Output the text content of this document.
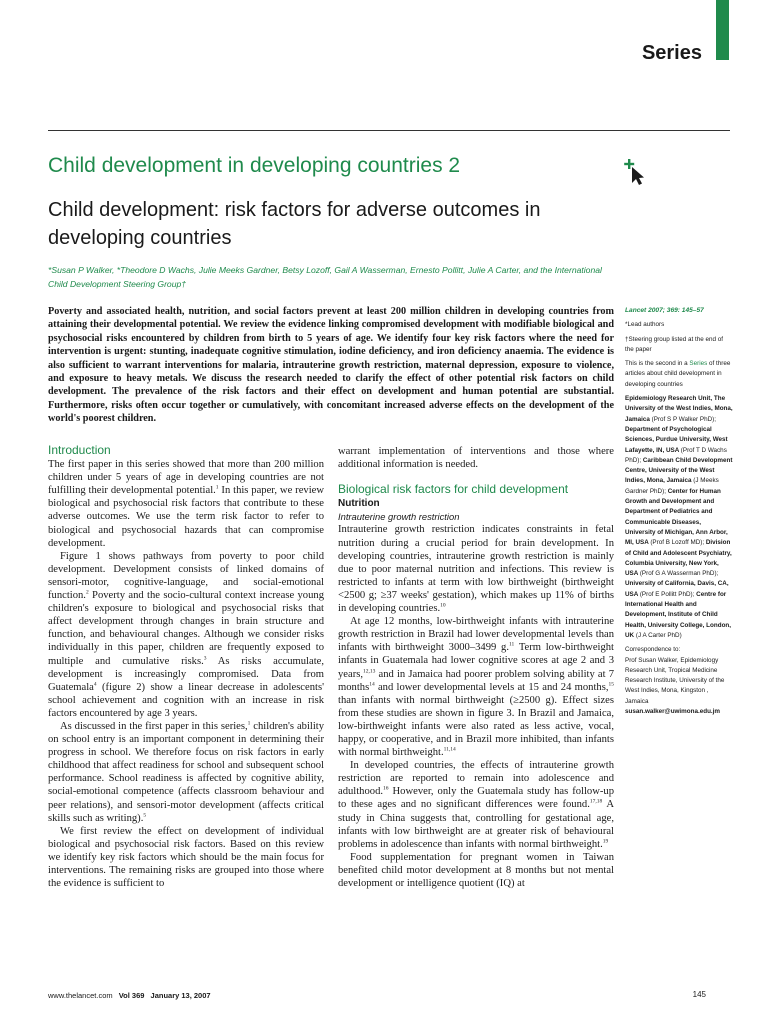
Series
Child development in developing countries 2
Child development: risk factors for adverse outcomes in developing countries
*Susan P Walker, *Theodore D Wachs, Julie Meeks Gardner, Betsy Lozoff, Gail A Wasserman, Ernesto Pollitt, Julie A Carter, and the International Child Development Steering Group†
Poverty and associated health, nutrition, and social factors prevent at least 200 million children in developing countries from attaining their developmental potential. We review the evidence linking compromised development with modifiable biological and psychosocial risks encountered by children from birth to 5 years of age. We identify four key risk factors where the need for intervention is urgent: stunting, inadequate cognitive stimulation, iodine deficiency, and iron deficiency anaemia. The evidence is also sufficient to warrant interventions for malaria, intrauterine growth restriction, maternal depression, exposure to violence, and exposure to heavy metals. We discuss the research needed to clarify the effect of other potential risk factors on child development. The prevalence of the risk factors and their effect on development and human potential are substantial. Furthermore, risks often occur together or cumulatively, with concomitant increased adverse effects on the development of the world's poorest children.
Introduction

The first paper in this series showed that more than 200 million children under 5 years of age in developing countries are not fulfilling their developmental potential.$^1$ In this paper, we review biological and psychosocial risk factors that contribute to these adverse outcomes. We use the term risk factor to refer to biological and psychosocial hazards that can compromise development.

Figure 1 shows pathways from poverty to poor child development. Development consists of linked domains of sensori-motor, cognitive-language, and social-emotional function.$^2$ Poverty and the socio-cultural context increase young children's exposure to biological and psychosocial risks that affect development through changes in brain structure and function, and behavioural changes. Although we consider risks individually in this paper, children are frequently exposed to multiple and cumulative risks.$^3$ As risks accumulate, development is increasingly compromised. Data from Guatemala$^4$ (figure 2) show a linear decrease in adolescents' school achievement and cognition with an increase in risk factors encountered by age 3 years.

As discussed in the first paper in this series,$^1$ children's ability on school entry is an important component in determining their progress in school. We therefore focus on risk factors in early childhood that affect readiness for school and subsequent school performance. School readiness is affected by cognitive ability, social-emotional competence (affects classroom behaviour and peer relations), and sensori-motor development (affects critical skills such as writing).$^5$

We first review the effect on development of individual biological and psychosocial risk factors. Based on this review we identify key risk factors which should be the main focus for interventions. The remaining risks are grouped into those where the evidence is sufficient to

warrant implementation of interventions and those where additional information is needed.

Biological risk factors for child development
Nutrition
Intrauterine growth restriction

Intrauterine growth restriction indicates constraints in fetal nutrition during a crucial period for brain development. In developing countries, intrauterine growth restriction is mainly due to poor maternal nutrition and infections. This review is restricted to infants at term with low birthweight (birthweight <2500 g; ≥37 weeks' gestation), which makes up 11% of births in developing countries.$^{10}$

At age 12 months, low-birthweight infants with intrauterine growth restriction in Brazil had lower developmental levels than infants with birthweight 3000–3499 g.$^{11}$ Term low-birthweight infants in Guatemala had lower cognitive scores at age 2 and 3 years,$^{12,13}$ and in Jamaica had poorer problem solving ability at 7 months$^{14}$ and lower developmental levels at 15 and 24 months,$^{15}$ than infants with normal birthweight (≥2500 g). Effect sizes from these studies are shown in figure 3. In Brazil and Jamaica, low-birthweight infants were also rated as less active, vocal, happy, or cooperative, and in Brazil more inhibited, than infants with normal birthweight.$^{11,14}$

In developed countries, the effects of intrauterine growth restriction are reported to remain into adolescence and adulthood.$^{16}$ However, only the Guatemala study has follow-up to these ages and no significant differences were found.$^{17,18}$ A study in China suggests that, controlling for gestational age, infants with low birthweight are at greater risk of behavioural problems in adolescence than infants with normal birthweight.$^{19}$

Food supplementation for pregnant women in Taiwan benefited child motor development at 8 months but not mental development or intelligence quotient (IQ) at

Lancet 2007; 369: 145–57
*Lead authors
†Steering group listed at the end of the paper
This is the second in a Series of three articles about child development in developing countries
Epidemiology Research Unit, The University of the West Indies, Mona, Jamaica (Prof S P Walker PhD); Department of Psychological Sciences, Purdue University, West Lafayette, IN, USA (Prof T D Wachs PhD); Caribbean Child Development Centre, University of the West Indies, Mona, Jamaica (J Meeks Gardner PhD); Center for Human Growth and Development and Department of Pediatrics and Communicable Diseases, University of Michigan, Ann Arbor, MI, USA (Prof B Lozoff MD); Division of Child and Adolescent Psychiatry, Columbia University, New York, USA (Prof G A Wasserman PhD); University of California, Davis, CA, USA (Prof E Pollitt PhD); Centre for International Health and Development, Institute of Child Health, University College, London, UK (J A Carter PhD)
Correspondence to:
Prof Susan Walker, Epidemiology Research Unit, Tropical Medicine Research Institute, University of the West Indies, Mona, Kingston , Jamaica
susan.walker@uwimona.edu.jm
www.thelancet.com Vol 369 January 13, 2007	145
